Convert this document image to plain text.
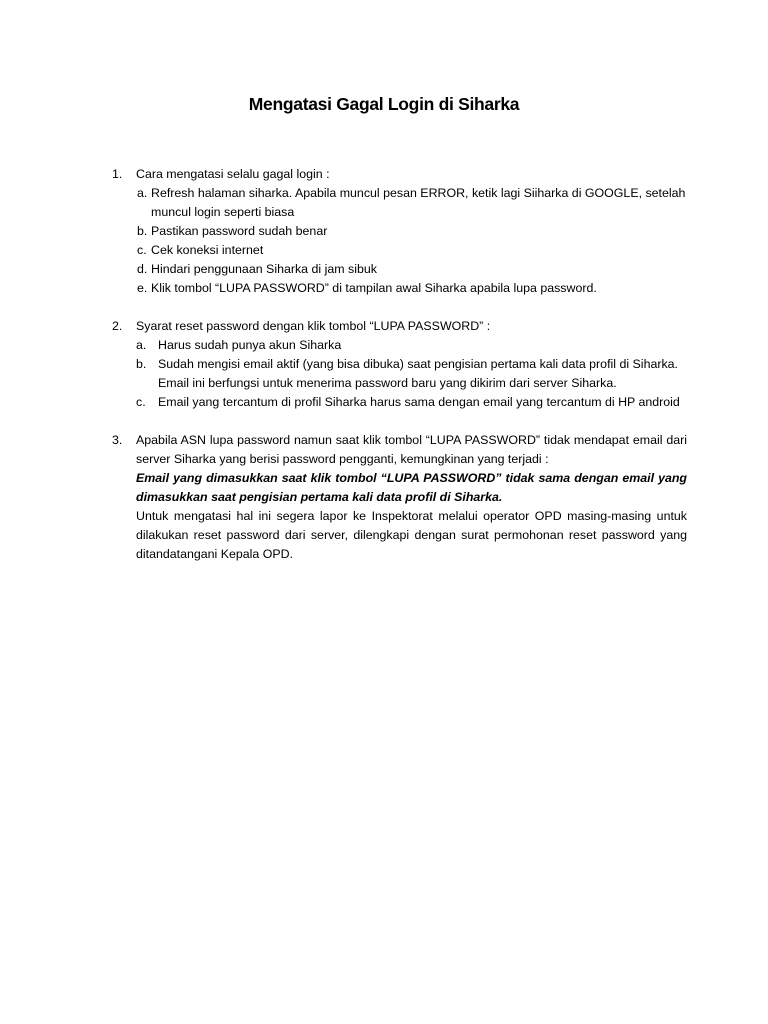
Mengatasi Gagal Login di Siharka
1.	Cara mengatasi selalu gagal login :
a. Refresh halaman siharka. Apabila muncul pesan ERROR, ketik lagi Siiharka di GOOGLE, setelah muncul login seperti biasa
b. Pastikan password sudah benar
c. Cek koneksi internet
d. Hindari penggunaan Siharka di jam sibuk
e. Klik tombol “LUPA PASSWORD” di tampilan awal Siharka apabila lupa password.
2.	Syarat reset password dengan klik tombol “LUPA PASSWORD” :
a. Harus sudah punya akun Siharka
b. Sudah mengisi email aktif (yang bisa dibuka) saat pengisian pertama kali data profil di Siharka. Email ini berfungsi untuk menerima password baru yang dikirim dari server Siharka.
c. Email yang tercantum di profil Siharka harus sama dengan email yang tercantum di HP android
3.	Apabila ASN lupa password namun saat klik tombol “LUPA PASSWORD” tidak mendapat email dari server Siharka yang berisi password pengganti, kemungkinan yang terjadi :
Email yang dimasukkan saat klik tombol “LUPA PASSWORD” tidak sama dengan email yang dimasukkan saat pengisian pertama kali data profil di Siharka.
Untuk mengatasi hal ini segera lapor ke Inspektorat melalui operator OPD masing-masing untuk dilakukan reset password dari server, dilengkapi dengan surat permohonan reset password yang ditandatangani Kepala OPD.
